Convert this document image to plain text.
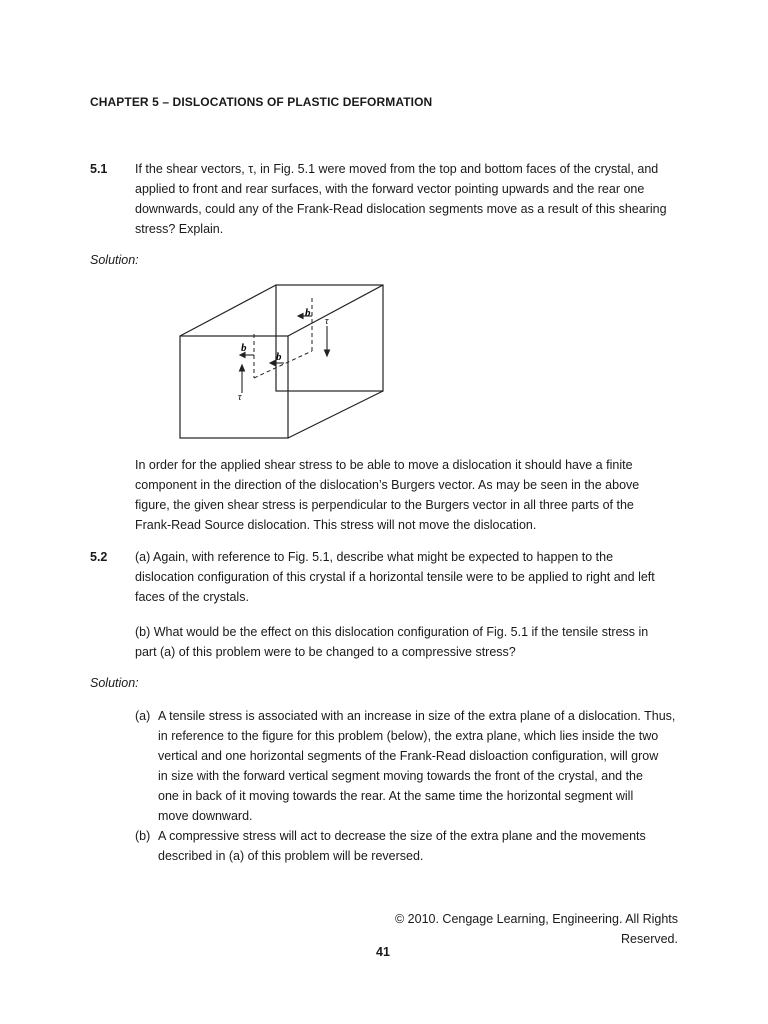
CHAPTER 5 – DISLOCATIONS OF PLASTIC DEFORMATION
5.1 If the shear vectors, τ, in Fig. 5.1 were moved from the top and bottom faces of the crystal, and
applied to front and rear surfaces, with the forward vector pointing upwards and the rear one
downwards, could any of the Frank-Read dislocation segments move as a result of this shearing
stress? Explain.
Solution:
b
b
b
τ
τ
In order for the applied shear stress to be able to move a dislocation it should have a finite
component in the direction of the dislocation’s Burgers vector. As may be seen in the above
figure, the given shear stress is perpendicular to the Burgers vector in all three parts of the
Frank-Read Source dislocation. This stress will not move the dislocation.
5.2 (a) Again, with reference to Fig. 5.1, describe what might be expected to happen to the
dislocation configuration of this crystal if a horizontal tensile were to be applied to right and left
faces of the crystals.
(b) What would be the effect on this dislocation configuration of Fig. 5.1 if the tensile stress in
part (a) of this problem were to be changed to a compressive stress?
Solution:
(a) A tensile stress is associated with an increase in size of the extra plane of a dislocation. Thus,
in reference to the figure for this problem (below), the extra plane, which lies inside the two
vertical and one horizontal segments of the Frank-Read disloaction configuration, will grow
in size with the forward vertical segment moving towards the front of the crystal, and the
one in back of it moving towards the rear. At the same time the horizontal segment will
move downward.
(b) A compressive stress will act to decrease the size of the extra plane and the movements
described in (a) of this problem will be reversed.
© 2010. Cengage Learning, Engineering. All Rights
Reserved.
41
